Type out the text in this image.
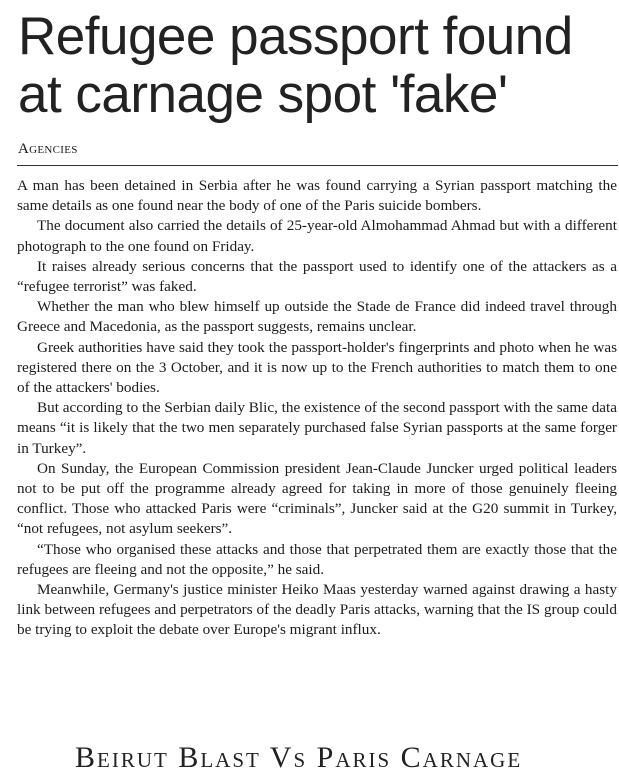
Refugee passport found at carnage spot 'fake'
Agencies

A man has been detained in Serbia after he was found carrying a Syrian passport matching the same details as one found near the body of one of the Paris suicide bombers.

The document also carried the details of 25-year-old Almohammad Ahmad but with a different photograph to the one found on Friday.

It raises already serious concerns that the passport used to identify one of the attackers as a “refugee terrorist” was faked.

Whether the man who blew himself up outside the Stade de France did indeed travel through Greece and Macedonia, as the passport suggests, remains unclear.

Greek authorities have said they took the passport-holder's fingerprints and photo when he was registered there on the 3 October, and it is now up to the French authorities to match them to one of the attackers' bodies.

But according to the Serbian daily Blic, the existence of the second passport with the same data means “it is likely that the two men separately purchased false Syrian passports at the same forger in Turkey”.

On Sunday, the European Commission president Jean-Claude Juncker urged political leaders not to be put off the programme already agreed for taking in more of those genuinely fleeing conflict. Those who attacked Paris were “criminals”, Juncker said at the G20 summit in Turkey, “not refugees, not asylum seekers”.

“Those who organised these attacks and those that perpetrated them are exactly those that the refugees are fleeing and not the opposite,” he said.

Meanwhile, Germany's justice minister Heiko Maas yesterday warned against drawing a hasty link between refugees and perpetrators of the deadly Paris attacks, warning that the IS group could be trying to exploit the debate over Europe's migrant influx.

Beirut Blast Vs Paris Carnage
